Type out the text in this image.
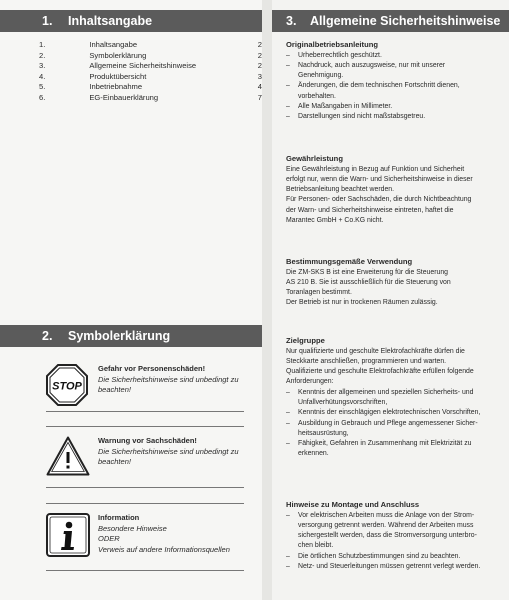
1.	Inhaltsangabe
1.	Inhaltsangabe	2
2.	Symbolerklärung	2
3.	Allgemeine Sicherheitshinweise	2
4.	Produktübersicht	3
5.	Inbetriebnahme	4
6.	EG-Einbauerklärung	7
2.	Symbolerklärung
STOP
Gefahr vor Personenschäden!
Die Sicherheitshinweise sind unbedingt zu
beachten!
Warnung vor Sachschäden!
Die Sicherheitshinweise sind unbedingt zu
beachten!
Information
Besondere Hinweise
ODER
Verweis auf andere Informationsquellen
3.	Allgemeine Sicherheitshinweise
Originalbetriebsanleitung
– Urheberrechtlich geschützt.
– Nachdruck, auch auszugsweise, nur mit unserer
Genehmigung.
– Änderungen, die dem technischen Fortschritt dienen,
vorbehalten.
– Alle Maßangaben in Millimeter.
– Darstellungen sind nicht maßstabsgetreu.
Gewährleistung

Eine Gewährleistung in Bezug auf Funktion und Sicherheit

erfolgt nur, wenn die Warn- und Sicherheitshinweise in dieser

Betriebsanleitung beachtet werden.

Für Personen- oder Sachschäden, die durch Nichtbeachtung

der Warn- und Sicherheitshinweise eintreten, haftet die

Marantec GmbH + Co.KG nicht.

Bestimmungsgemäße Verwendung

Die ZM-SKS B ist eine Erweiterung für die Steuerung

AS 210 B. Sie ist ausschließlich für die Steuerung von

Toranlagen bestimmt.

Der Betrieb ist nur in trockenen Räumen zulässig.

Zielgruppe

Nur qualifizierte und geschulte Elektrofachkräfte dürfen die

Steckkarte anschließen, programmieren und warten.

Qualifizierte und geschulte Elektrofachkräfte erfüllen folgende

Anforderungen:

– Kenntnis der allgemeinen und speziellen Sicherheits- und
Unfallverhütungsvorschriften,
– Kenntnis der einschlägigen elektrotechnischen Vorschriften,
– Ausbildung in Gebrauch und Pflege angemessener Sicher-
heitsausrüstung,
– Fähigkeit, Gefahren in Zusammenhang mit Elektrizität zu
erkennen.
Hinweise zu Montage und Anschluss
– Vor elektrischen Arbeiten muss die Anlage von der Strom-
versorgung getrennt werden. Während der Arbeiten muss
sichergestellt werden, dass die Stromversorgung unterbro-
chen bleibt.
– Die örtlichen Schutzbestimmungen sind zu beachten.
– Netz- und Steuerleitungen müssen getrennt verlegt werden.
